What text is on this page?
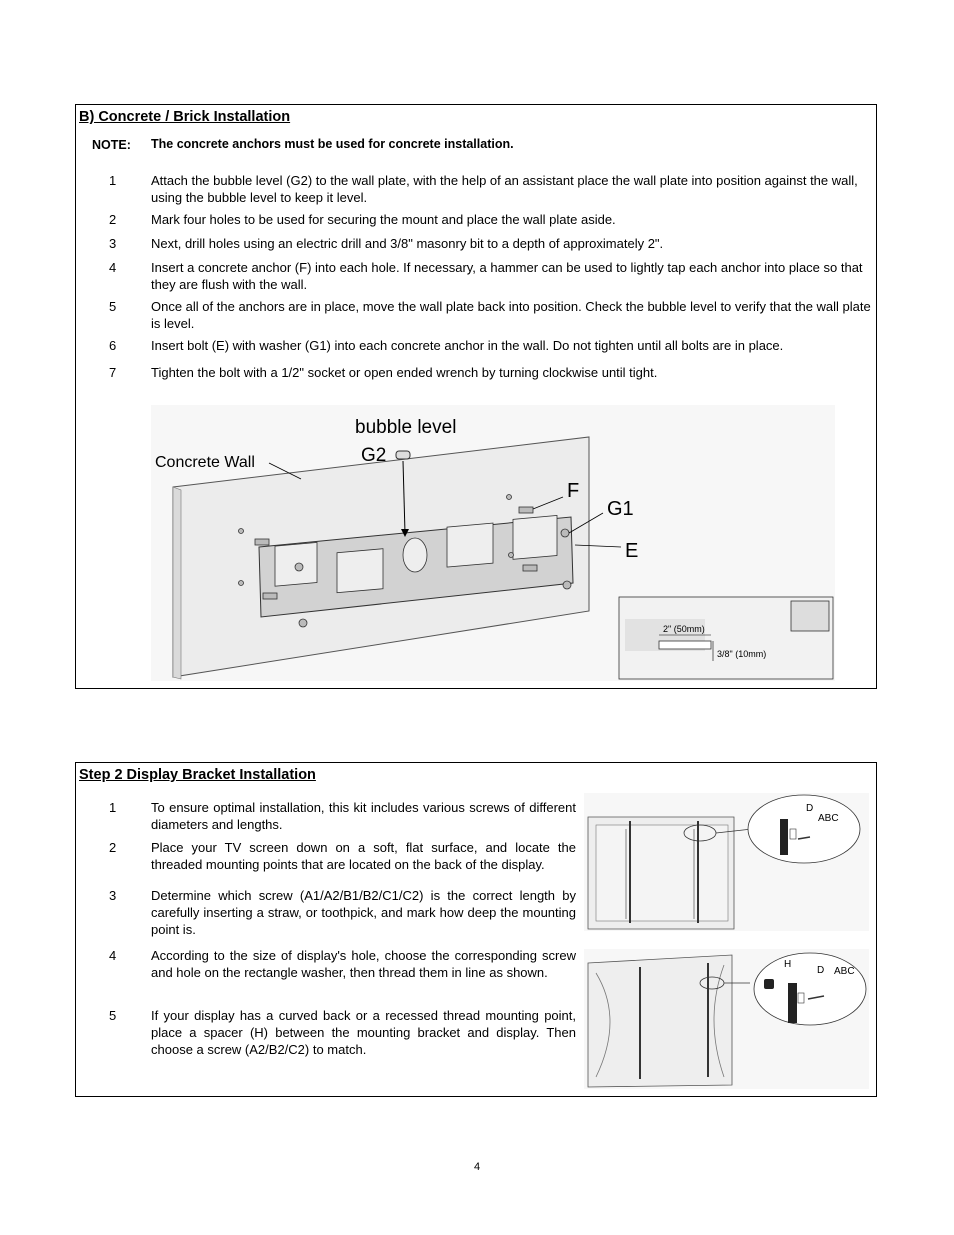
B) Concrete / Brick Installation
NOTE: The concrete anchors must be used for concrete installation.
1	Attach the bubble level (G2) to the wall plate, with the help of an assistant place the wall plate into position against the wall, using the bubble level to keep it level.
2	Mark four holes to be used for securing the mount and place the wall plate aside.
3	Next, drill holes using an electric drill and 3/8" masonry bit to a depth of approximately 2".
4	Insert a concrete anchor (F) into each hole. If necessary, a hammer can be used to lightly tap each anchor into place so that they are flush with the wall.
5	Once all of the anchors are in place, move the wall plate back into position. Check the bubble level to verify that the wall plate is level.
6	Insert bolt (E) with washer (G1) into each concrete anchor in the wall. Do not tighten until all bolts are in place.
7	Tighten the bolt with a 1/2" socket or open ended wrench by turning clockwise until tight.
bubble level
G2
Concrete Wall
F
G1
E
2" (50mm)
3/8" (10mm)
Step 2 Display Bracket Installation
1	To ensure optimal installation, this kit includes various screws of different diameters and lengths.
2	Place your TV screen down on a soft, flat surface, and locate the threaded mounting points that are located on the back of the display.
3	Determine which screw (A1/A2/B1/B2/C1/C2) is the correct length by carefully inserting a straw, or toothpick, and mark how deep the mounting point is.
4	According to the size of display's hole, choose the corresponding screw and hole on the rectangle washer, then thread them in line as shown.
5	If your display has a curved back or a recessed thread mounting point, place a spacer (H) between the mounting bracket and display. Then choose a screw (A2/B2/C2) to match.
D
ABC
H
D ABC
4
